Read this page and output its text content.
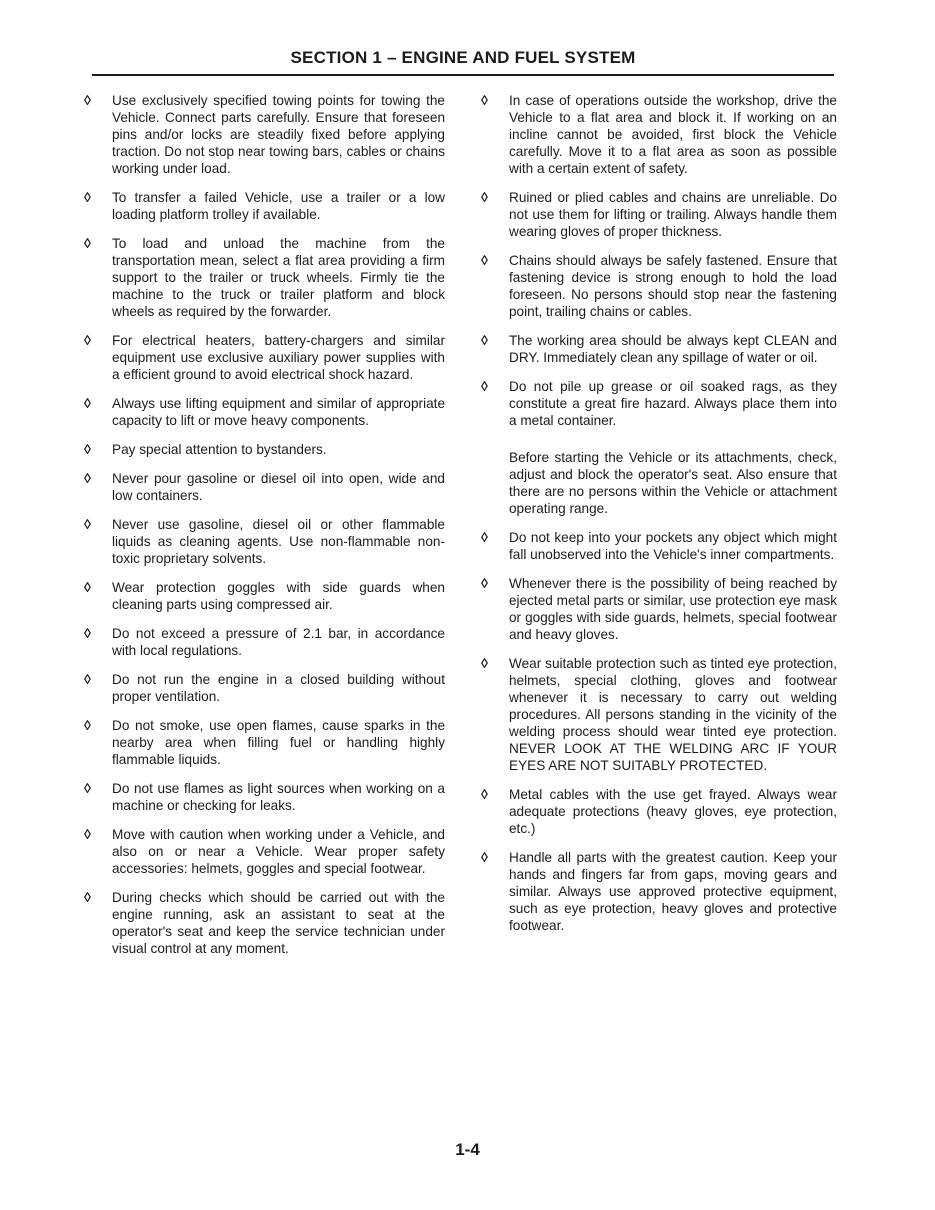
SECTION 1 – ENGINE AND FUEL SYSTEM
◊ Use exclusively specified towing points for towing the Vehicle. Connect parts carefully. Ensure that foreseen pins and/or locks are steadily fixed before applying traction. Do not stop near towing bars, cables or chains working under load.
◊ To transfer a failed Vehicle, use a trailer or a low loading platform trolley if available.
◊ To load and unload the machine from the transportation mean, select a flat area providing a firm support to the trailer or truck wheels. Firmly tie the machine to the truck or trailer platform and block wheels as required by the forwarder.
◊ For electrical heaters, battery-chargers and similar equipment use exclusive auxiliary power supplies with a efficient ground to avoid electrical shock hazard.
◊ Always use lifting equipment and similar of appropriate capacity to lift or move heavy components.
◊ Pay special attention to bystanders.
◊ Never pour gasoline or diesel oil into open, wide and low containers.
◊ Never use gasoline, diesel oil or other flammable liquids as cleaning agents. Use non-flammable non-toxic proprietary solvents.
◊ Wear protection goggles with side guards when cleaning parts using compressed air.
◊ Do not exceed a pressure of 2.1 bar, in accordance with local regulations.
◊ Do not run the engine in a closed building without proper ventilation.
◊ Do not smoke, use open flames, cause sparks in the nearby area when filling fuel or handling highly flammable liquids.
◊ Do not use flames as light sources when working on a machine or checking for leaks.
◊ Move with caution when working under a Vehicle, and also on or near a Vehicle. Wear proper safety accessories: helmets, goggles and special footwear.
◊ During checks which should be carried out with the engine running, ask an assistant to seat at the operator's seat and keep the service technician under visual control at any moment.
◊ In case of operations outside the workshop, drive the Vehicle to a flat area and block it. If working on an incline cannot be avoided, first block the Vehicle carefully. Move it to a flat area as soon as possible with a certain extent of safety.
◊ Ruined or plied cables and chains are unreliable. Do not use them for lifting or trailing. Always handle them wearing gloves of proper thickness.
◊ Chains should always be safely fastened. Ensure that fastening device is strong enough to hold the load foreseen. No persons should stop near the fastening point, trailing chains or cables.
◊ The working area should be always kept CLEAN and DRY. Immediately clean any spillage of water or oil.
◊ Do not pile up grease or oil soaked rags, as they constitute a great fire hazard. Always place them into a metal container.
Before starting the Vehicle or its attachments, check, adjust and block the operator's seat. Also ensure that there are no persons within the Vehicle or attachment operating range.
◊ Do not keep into your pockets any object which might fall unobserved into the Vehicle's inner compartments.
◊ Whenever there is the possibility of being reached by ejected metal parts or similar, use protection eye mask or goggles with side guards, helmets, special footwear and heavy gloves.
◊ Wear suitable protection such as tinted eye protection, helmets, special clothing, gloves and footwear whenever it is necessary to carry out welding procedures. All persons standing in the vicinity of the welding process should wear tinted eye protection. NEVER LOOK AT THE WELDING ARC IF YOUR EYES ARE NOT SUITABLY PROTECTED.
◊ Metal cables with the use get frayed. Always wear adequate protections (heavy gloves, eye protection, etc.)
◊ Handle all parts with the greatest caution. Keep your hands and fingers far from gaps, moving gears and similar. Always use approved protective equipment, such as eye protection, heavy gloves and protective footwear.
1-4
